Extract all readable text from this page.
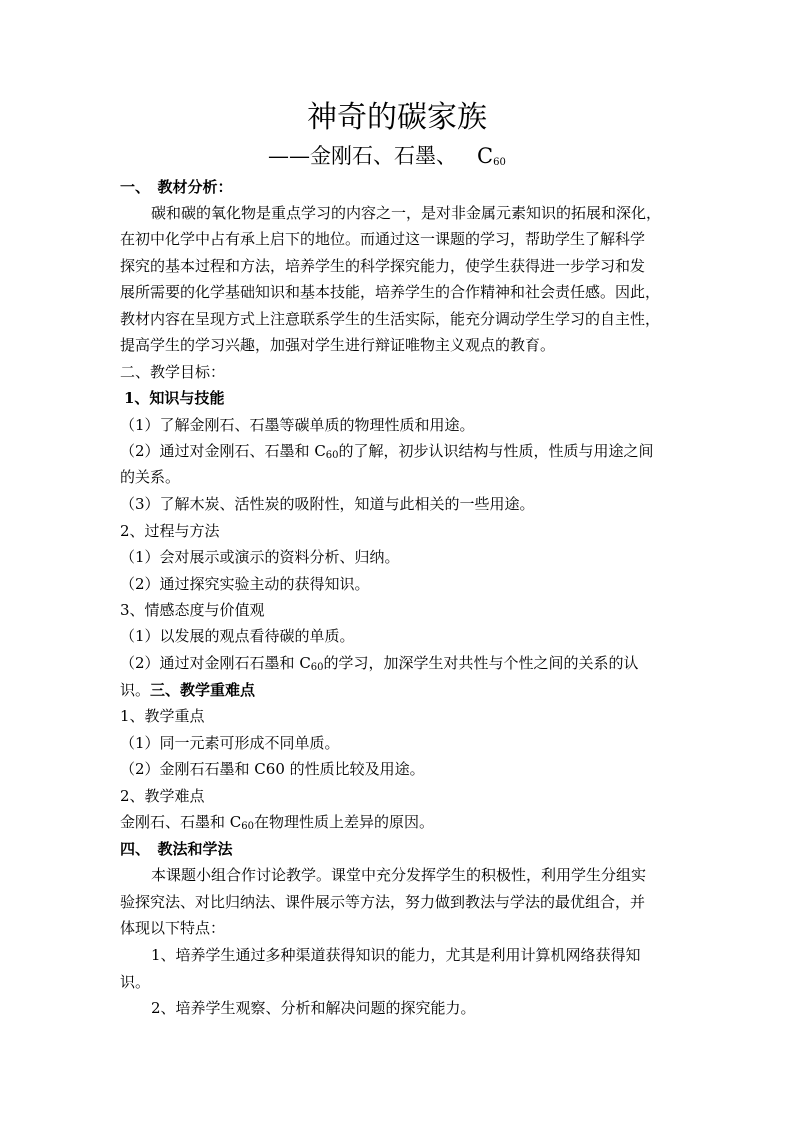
神奇的碳家族
——金刚石、石墨、 $C_{60}$
一、　教材分析：
碳和碳的氧化物是重点学习的内容之一，是对非金属元素知识的拓展和深化，
在初中化学中占有承上启下的地位。而通过这一课题的学习，帮助学生了解科学
探究的基本过程和方法，培养学生的科学探究能力，使学生获得进一步学习和发
展所需要的化学基础知识和基本技能，培养学生的合作精神和社会责任感。因此，
教材内容在呈现方式上注意联系学生的生活实际，能充分调动学生学习的自主性，
提高学生的学习兴趣，加强对学生进行辩证唯物主义观点的教育。
二、教学目标：
1、知识与技能
（1）了解金刚石、石墨等碳单质的物理性质和用途。
（2）通过对金刚石、石墨和 $C_{60}$的了解，初步认识结构与性质，性质与用途之间
的关系。
（3）了解木炭、活性炭的吸附性，知道与此相关的一些用途。
2、过程与方法
（1）会对展示或演示的资料分析、归纳。
（2）通过探究实验主动的获得知识。
3、情感态度与价值观
（1）以发展的观点看待碳的单质。
（2）通过对金刚石石墨和 $C_{60}$的学习，加深学生对共性与个性之间的关系的认
识。三、教学重难点
1、教学重点
（1）同一元素可形成不同单质。
（2）金刚石石墨和 C60 的性质比较及用途。
2、教学难点
金刚石、石墨和 $C_{60}$在物理性质上差异的原因。
四、　教法和学法
本课题小组合作讨论教学。课堂中充分发挥学生的积极性，利用学生分组实
验探究法、对比归纳法、课件展示等方法，努力做到教法与学法的最优组合，并
体现以下特点：
1、培养学生通过多种渠道获得知识的能力，尤其是利用计算机网络获得知
识。
2、培养学生观察、分析和解决问题的探究能力。
